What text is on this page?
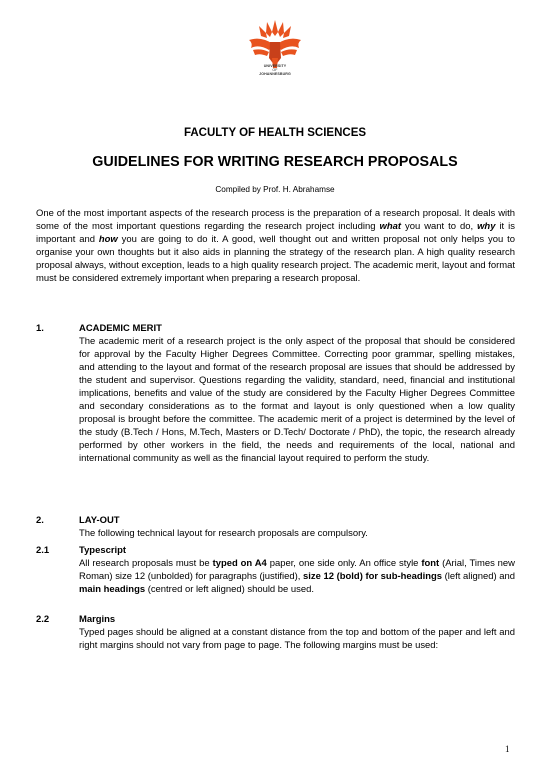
UNIVERSITY
OF
JOHANNESBURG
FACULTY OF HEALTH SCIENCES
GUIDELINES FOR WRITING RESEARCH PROPOSALS
Compiled by Prof. H. Abrahamse
One of the most important aspects of the research process is the preparation of a research proposal. It deals with some of the most important questions regarding the research project including what you want to do, why it is important and how you are going to do it. A good, well thought out and written proposal not only helps you to organise your own thoughts but it also aids in planning the strategy of the research plan. A high quality research proposal always, without exception, leads to a high quality research project. The academic merit, layout and format must be considered extremely important when preparing a research proposal.
1.	ACADEMIC MERIT
The academic merit of a research project is the only aspect of the proposal that should be considered for approval by the Faculty Higher Degrees Committee. Correcting poor grammar, spelling mistakes, and attending to the layout and format of the research proposal are issues that should be addressed by the student and supervisor. Questions regarding the validity, standard, need, financial and institutional implications, benefits and value of the study are considered by the Faculty Higher Degrees Committee and secondary considerations as to the format and layout is only questioned when a low quality proposal is brought before the committee. The academic merit of a project is determined by the level of the study (B.Tech / Hons, M.Tech, Masters or D.Tech/ Doctorate / PhD), the topic, the research already performed by other workers in the field, the needs and requirements of the local, national and international community as well as the financial layout required to perform the study.
2.	LAY-OUT
The following technical layout for research proposals are compulsory.
2.1	Typescript
All research proposals must be typed on A4 paper, one side only. An office style font (Arial, Times new Roman) size 12 (unbolded) for paragraphs (justified), size 12 (bold) for sub-headings (left aligned) and main headings (centred or left aligned) should be used.
2.2	Margins
Typed pages should be aligned at a constant distance from the top and bottom of the paper and left and right margins should not vary from page to page. The following margins must be used:
1
